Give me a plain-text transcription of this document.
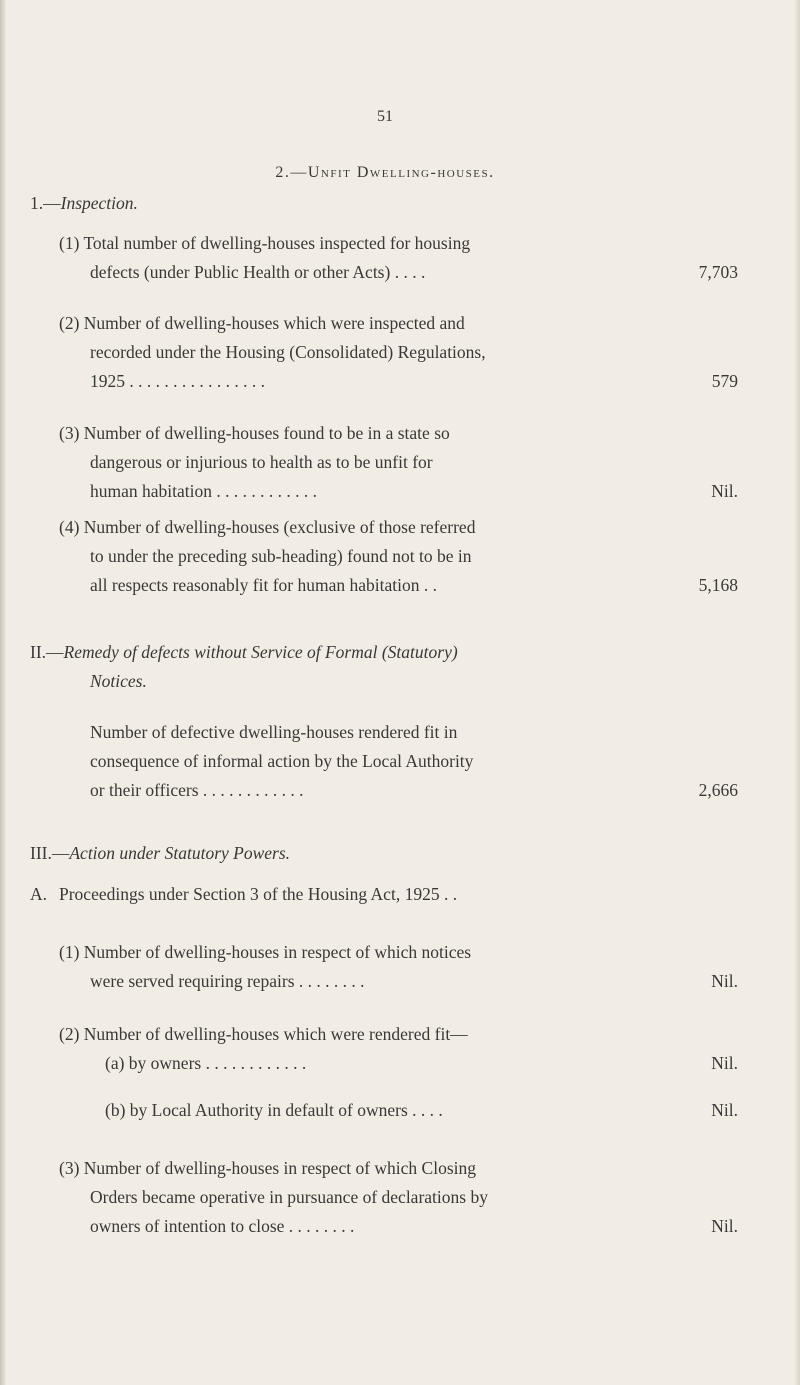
51
2.—Unfit Dwelling-houses.
1.—Inspection.
(1) Total number of dwelling-houses inspected for housing
defects (under Public Health or other Acts) . . . .	7,703
(2) Number of dwelling-houses which were inspected and
recorded under the Housing (Consolidated) Regulations,
1925 . . . . . . . . . . . . . . . .	579
(3) Number of dwelling-houses found to be in a state so
dangerous or injurious to health as to be unfit for
human habitation . . . . . . . . . . . .	Nil.
(4) Number of dwelling-houses (exclusive of those referred
to under the preceding sub-heading) found not to be in
all respects reasonably fit for human habitation . .	5,168
II.—Remedy of defects without Service of Formal (Statutory)
Notices.
Number of defective dwelling-houses rendered fit in
consequence of informal action by the Local Authority
or their officers . . . . . . . . . . . .	2,666
III.—Action under Statutory Powers.
A. Proceedings under Section 3 of the Housing Act, 1925 . .
(1) Number of dwelling-houses in respect of which notices
were served requiring repairs . . . . . . . .	Nil.
(2) Number of dwelling-houses which were rendered fit—
(a) by owners . . . . . . . . . . . .	Nil.
(b) by Local Authority in default of owners . . . .	Nil.
(3) Number of dwelling-houses in respect of which Closing
Orders became operative in pursuance of declarations by
owners of intention to close . . . . . . . .	Nil.
